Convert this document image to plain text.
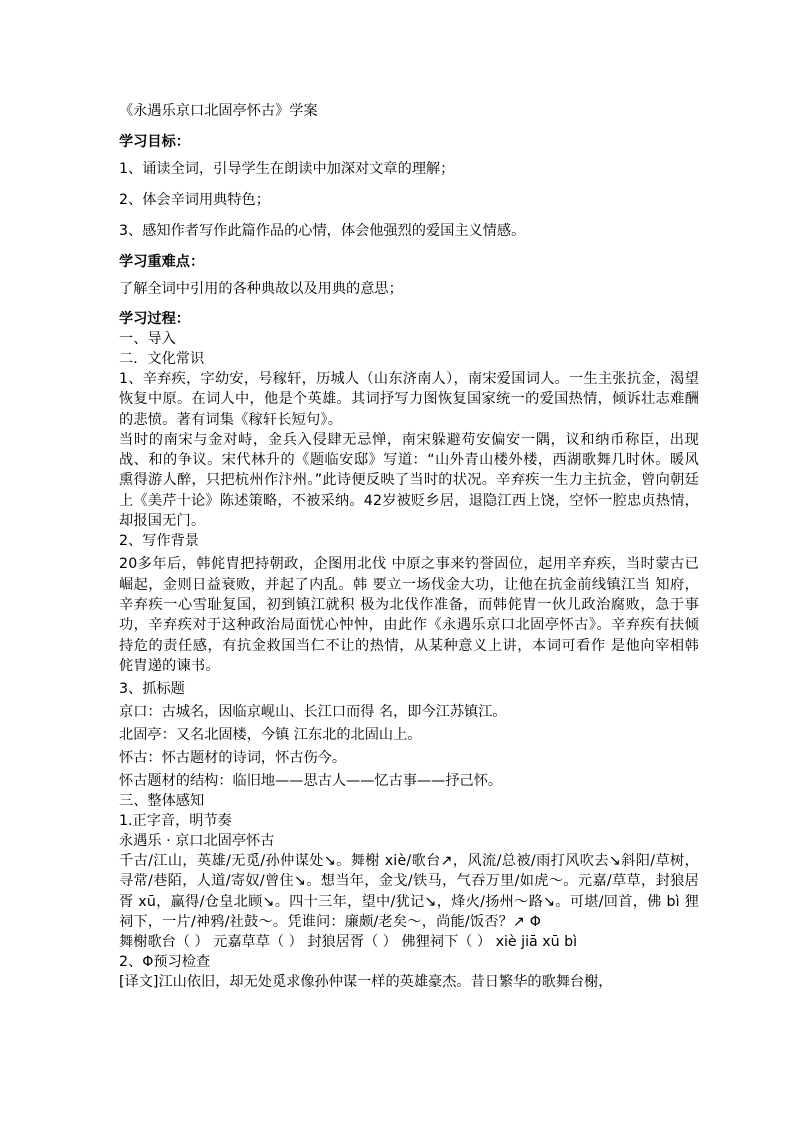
《永遇乐京口北固亭怀古》学案
学习目标：
1、诵读全词，引导学生在朗读中加深对文章的理解；
2、体会辛词用典特色；
3、感知作者写作此篇作品的心情，体会他强烈的爱国主义情感。
学习重难点：
了解全词中引用的各种典故以及用典的意思；
学习过程：
一、导入
二．文化常识
1、辛弃疾，字幼安，号稼轩，历城人（山东济南人），南宋爱国词人。一生主张抗金，渴望恢复中原。在词人中，他是个英雄。其词抒写力图恢复国家统一的爱国热情，倾诉壮志难酬的悲愤。著有词集《稼轩长短句》。
当时的南宋与金对峙，金兵入侵肆无忌惮，南宋躲避苟安偏安一隅，议和纳币称臣，出现战、和的争议。宋代林升的《题临安邸》写道：“山外青山楼外楼，西湖歌舞几时休。暖风熏得游人醉，只把杭州作汴州。”此诗便反映了当时的状况。辛弃疾一生力主抗金，曾向朝廷上《美芹十论》陈述策略，不被采纳。42岁被贬乡居，退隐江西上饶，空怀一腔忠贞热情，却报国无门。
2、写作背景
20多年后，韩侂胄把持朝政，企图用北伐 中原之事来钓誉固位，起用辛弃疾，当时蒙古已崛起，金则日益衰败，并起了内乱。韩 要立一场伐金大功，让他在抗金前线镇江当 知府，辛弃疾一心雪耻复国，初到镇江就积 极为北伐作准备，而韩侂胄一伙儿政治腐败，急于事功，辛弃疾对于这种政治局面忧心忡忡，由此作《永遇乐京口北固亭怀古》。辛弃疾有扶倾持危的责任感，有抗金救国当仁不让的热情，从某种意义上讲，本词可看作 是他向宰相韩侂胄递的谏书。
3、抓标题
京口：古城名，因临京岘山、长江口而得 名，即今江苏镇江。
北固亭：又名北固楼，今镇 江东北的北固山上。
怀古：怀古题材的诗词，怀古伤今。
怀古题材的结构：临旧地——思古人——忆古事——抒己怀。
三、整体感知
1.正字音，明节奏
永遇乐 · 京口北固亭怀古
千古/江山，英雄/无觅/孙仲谋处↘。舞榭 xiè/歌台↗，风流/总被/雨打风吹去↘斜阳/草树，寻常/巷陌，人道/寄奴/曾住↘。想当年，金戈/铁马，气吞万里/如虎～。元嘉/草草，封狼居胥 xū，赢得/仓皇北顾↘。四十三年，望中/犹记↘，烽火/扬州～路↘。可堪/回首，佛 bì 狸祠下，一片/神鸦/社鼓～。凭谁问：廉颇/老矣～，尚能/饭否？↗ Φ
舞榭歌台（ ） 元嘉草草（ ） 封狼居胥（ ） 佛狸祠下（ ） xiè jiā xū bì
2、Φ预习检查
[译文]江山依旧，却无处觅求像孙仲谋一样的英雄豪杰。昔日繁华的歌舞台榭，
